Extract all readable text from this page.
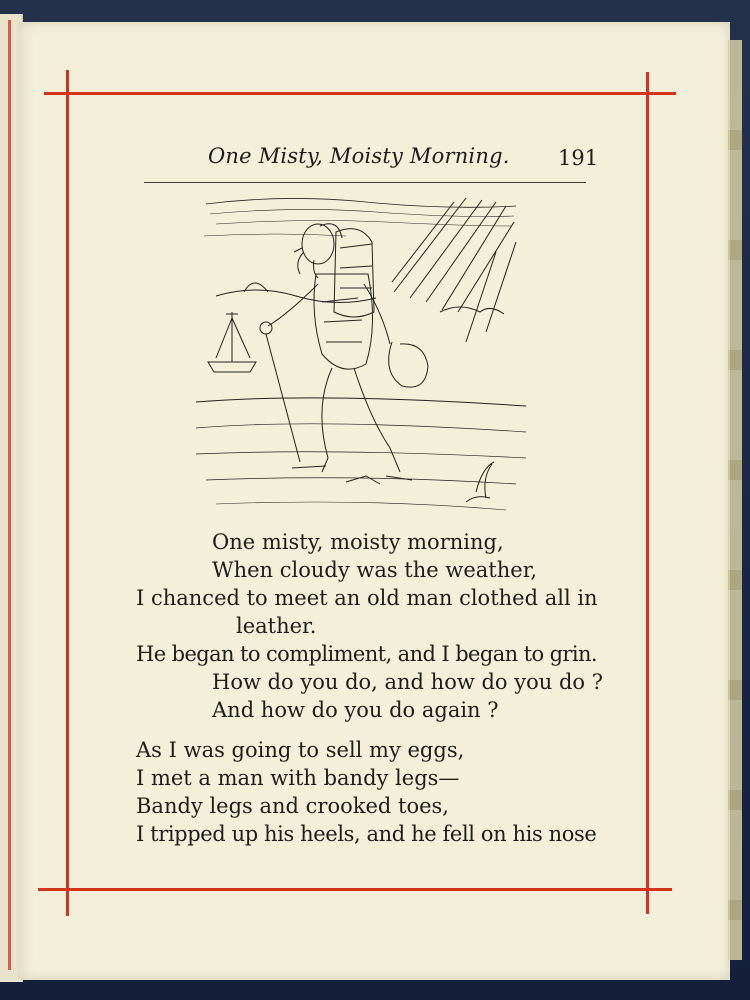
One Misty, Moisty Morning. 191
One misty, moisty morning,
When cloudy was the weather,
I chanced to meet an old man clothed all in
leather.
He began to compliment, and I began to grin.
How do you do, and how do you do ?
And how do you do again ?
As I was going to sell my eggs,
I met a man with bandy legs—
Bandy legs and crooked toes,
I tripped up his heels, and he fell on his nose
